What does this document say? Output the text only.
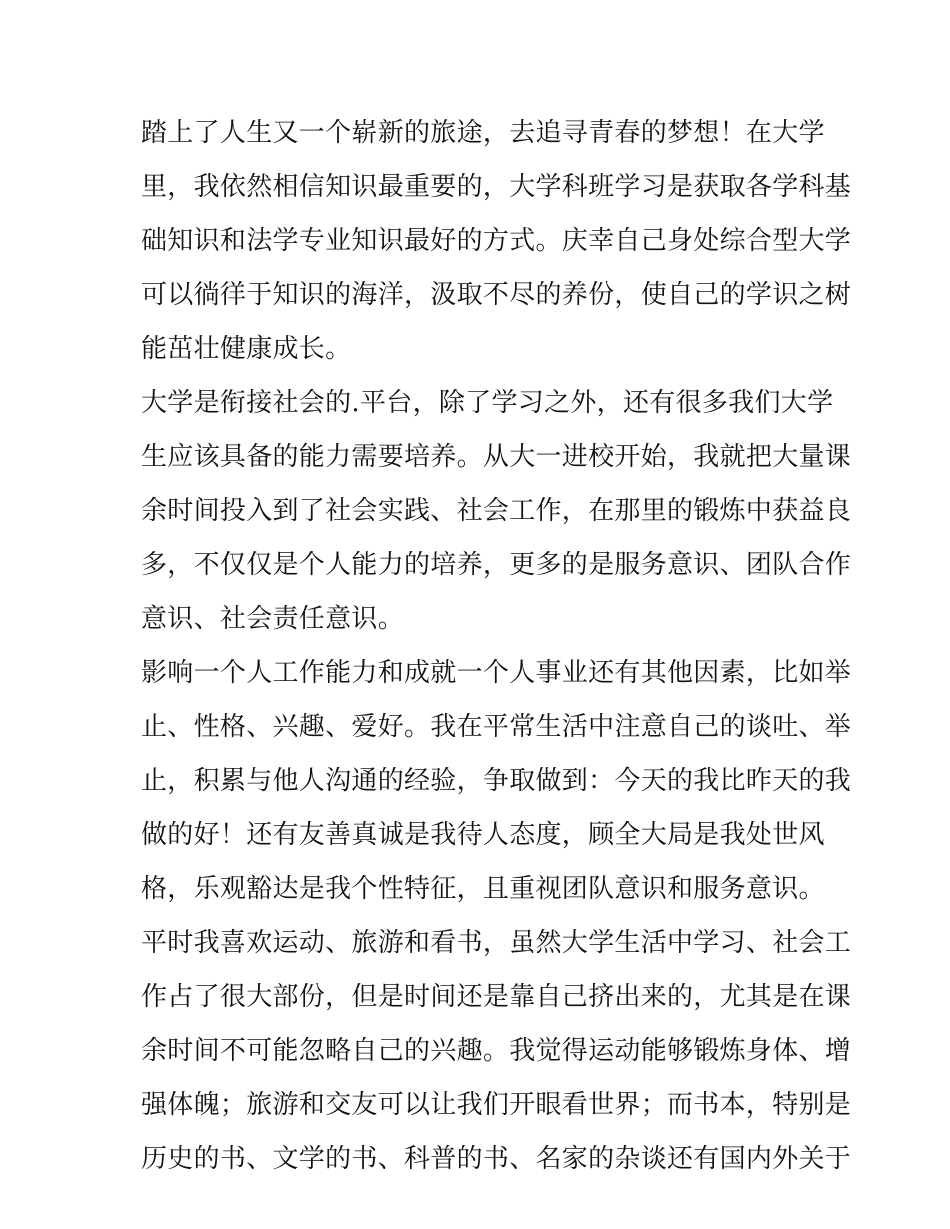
踏上了人生又一个崭新的旅途，去追寻青春的梦想！在大学
里，我依然相信知识最重要的，大学科班学习是获取各学科基
础知识和法学专业知识最好的方式。庆幸自己身处综合型大学
可以徜徉于知识的海洋，汲取不尽的养份，使自己的学识之树
能茁壮健康成长。
大学是衔接社会的.平台，除了学习之外，还有很多我们大学
生应该具备的能力需要培养。从大一进校开始，我就把大量课
余时间投入到了社会实践、社会工作，在那里的锻炼中获益良
多，不仅仅是个人能力的培养，更多的是服务意识、团队合作
意识、社会责任意识。
影响一个人工作能力和成就一个人事业还有其他因素，比如举
止、性格、兴趣、爱好。我在平常生活中注意自己的谈吐、举
止，积累与他人沟通的经验，争取做到：今天的我比昨天的我
做的好！还有友善真诚是我待人态度，顾全大局是我处世风
格，乐观豁达是我个性特征，且重视团队意识和服务意识。
平时我喜欢运动、旅游和看书，虽然大学生活中学习、社会工
作占了很大部份，但是时间还是靠自己挤出来的，尤其是在课
余时间不可能忽略自己的兴趣。我觉得运动能够锻炼身体、增
强体魄；旅游和交友可以让我们开眼看世界；而书本，特别是
历史的书、文学的书、科普的书、名家的杂谈还有国内外关于
